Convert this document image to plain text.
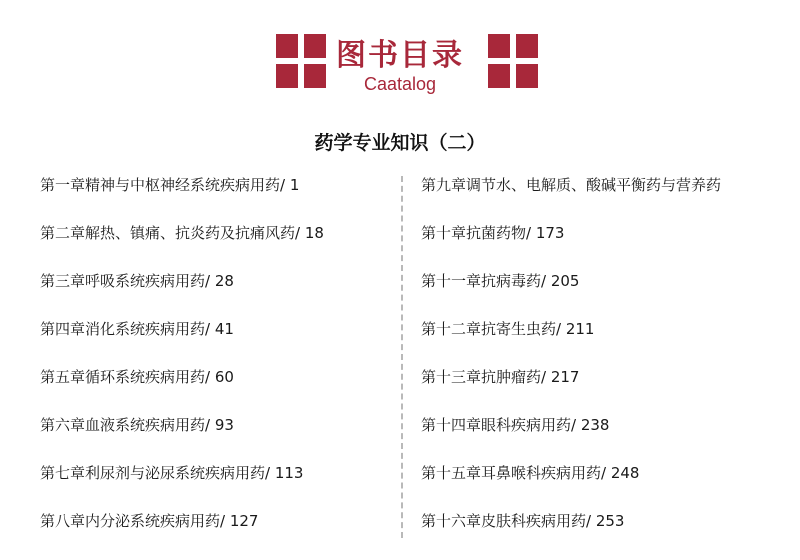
图书目录
Caatalog
药学专业知识（二）
第一章精神与中枢神经系统疾病用药/ 1
第二章解热、镇痛、抗炎药及抗痛风药/ 18
第三章呼吸系统疾病用药/ 28
第四章消化系统疾病用药/ 41
第五章循环系统疾病用药/ 60
第六章血液系统疾病用药/ 93
第七章利尿剂与泌尿系统疾病用药/ 113
第八章内分泌系统疾病用药/ 127
第九章调节水、电解质、酸碱平衡药与营养药
第十章抗菌药物/ 173
第十一章抗病毒药/ 205
第十二章抗寄生虫药/ 211
第十三章抗肿瘤药/ 217
第十四章眼科疾病用药/ 238
第十五章耳鼻喉科疾病用药/ 248
第十六章皮肤科疾病用药/ 253
